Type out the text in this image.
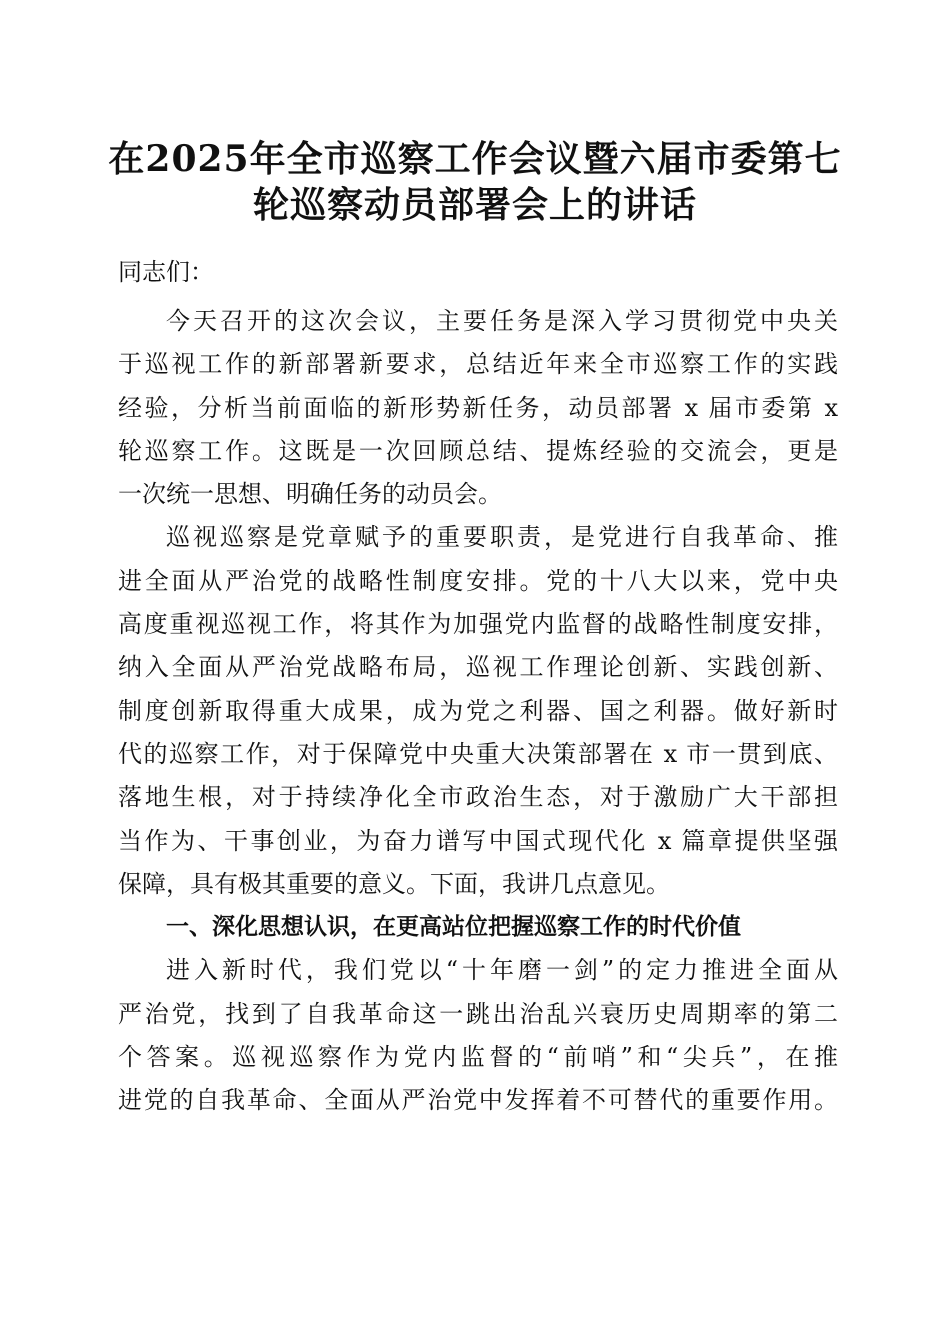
在2025年全市巡察工作会议暨六届市委第七
轮巡察动员部署会上的讲话
同志们：

今天召开的这次会议，主要任务是深入学习贯彻党中央关

于巡视工作的新部署新要求，总结近年来全市巡察工作的实践

经验，分析当前面临的新形势新任务，动员部署 x 届市委第 x

轮巡察工作。这既是一次回顾总结、提炼经验的交流会，更是

一次统一思想、明确任务的动员会。

巡视巡察是党章赋予的重要职责，是党进行自我革命、推

进全面从严治党的战略性制度安排。党的十八大以来，党中央

高度重视巡视工作，将其作为加强党内监督的战略性制度安排，

纳入全面从严治党战略布局，巡视工作理论创新、实践创新、

制度创新取得重大成果，成为党之利器、国之利器。做好新时

代的巡察工作，对于保障党中央重大决策部署在 x 市一贯到底、

落地生根，对于持续净化全市政治生态，对于激励广大干部担

当作为、干事创业，为奋力谱写中国式现代化 x 篇章提供坚强

保障，具有极其重要的意义。下面，我讲几点意见。

一、深化思想认识，在更高站位把握巡察工作的时代价值

进入新时代，我们党以“十年磨一剑”的定力推进全面从

严治党，找到了自我革命这一跳出治乱兴衰历史周期率的第二

个答案。巡视巡察作为党内监督的“前哨”和“尖兵”，在推

进党的自我革命、全面从严治党中发挥着不可替代的重要作用。
